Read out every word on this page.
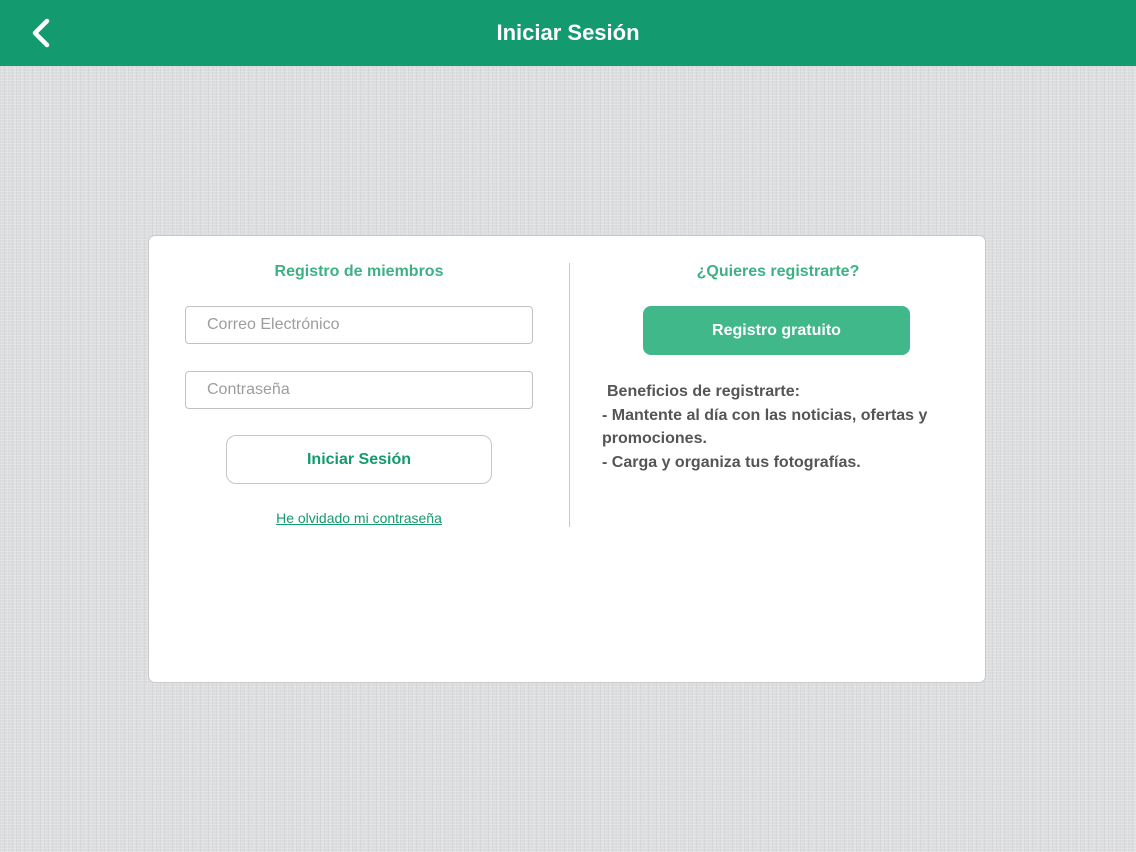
Iniciar Sesión
Registro de miembros
Correo Electrónico
Iniciar Sesión
He olvidado mi contraseña
¿Quieres registrarte?
Registro gratuito
Beneficios de registrarte:
- Mantente al día con las noticias, ofertas y
promociones.
- Carga y organiza tus fotografías.
